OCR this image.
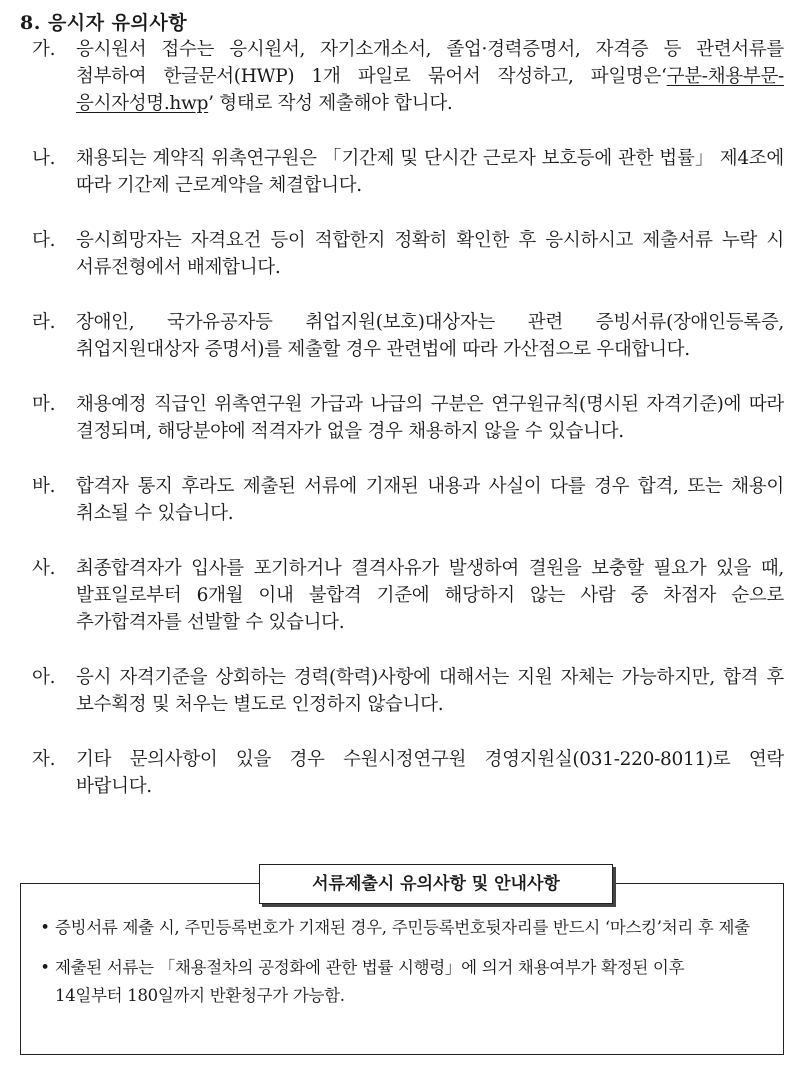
8. 응시자 유의사항
가.	응시원서 접수는 응시원서, 자기소개소서, 졸업·경력증명서, 자격증 등 관련서류를 첨부하여 한글문서(HWP) 1개 파일로 묶어서 작성하고, 파일명은‘구분-채용부문-응시자성명.hwp’ 형태로 작성 제출해야 합니다.
나.	채용되는 계약직 위촉연구원은 「기간제 및 단시간 근로자 보호등에 관한 법률」 제4조에 따라 기간제 근로계약을 체결합니다.
다.	응시희망자는 자격요건 등이 적합한지 정확히 확인한 후 응시하시고 제출서류 누락 시 서류전형에서 배제합니다.
라.	장애인, 국가유공자등 취업지원(보호)대상자는 관련 증빙서류(장애인등록증, 취업지원대상자 증명서)를 제출할 경우 관련법에 따라 가산점으로 우대합니다.
마.	채용예정 직급인 위촉연구원 가급과 나급의 구분은 연구원규칙(명시된 자격기준)에 따라 결정되며, 해당분야에 적격자가 없을 경우 채용하지 않을 수 있습니다.
바.	합격자 통지 후라도 제출된 서류에 기재된 내용과 사실이 다를 경우 합격, 또는 채용이 취소될 수 있습니다.
사.	최종합격자가 입사를 포기하거나 결격사유가 발생하여 결원을 보충할 필요가 있을 때, 발표일로부터 6개월 이내 불합격 기준에 해당하지 않는 사람 중 차점자 순으로 추가합격자를 선발할 수 있습니다.
아.	응시 자격기준을 상회하는 경력(학력)사항에 대해서는 지원 자체는 가능하지만, 합격 후 보수획정 및 처우는 별도로 인정하지 않습니다.
자.	기타 문의사항이 있을 경우 수원시정연구원 경영지원실(031-220-8011)로 연락 바랍니다.
서류제출시 유의사항 및 안내사항
• 증빙서류 제출 시, 주민등록번호가 기재된 경우, 주민등록번호뒷자리를 반드시 ‘마스킹’처리 후 제출
• 제출된 서류는 「채용절차의 공정화에 관한 법률 시행령」에 의거 채용여부가 확정된 이후 14일부터 180일까지 반환청구가 가능함.
